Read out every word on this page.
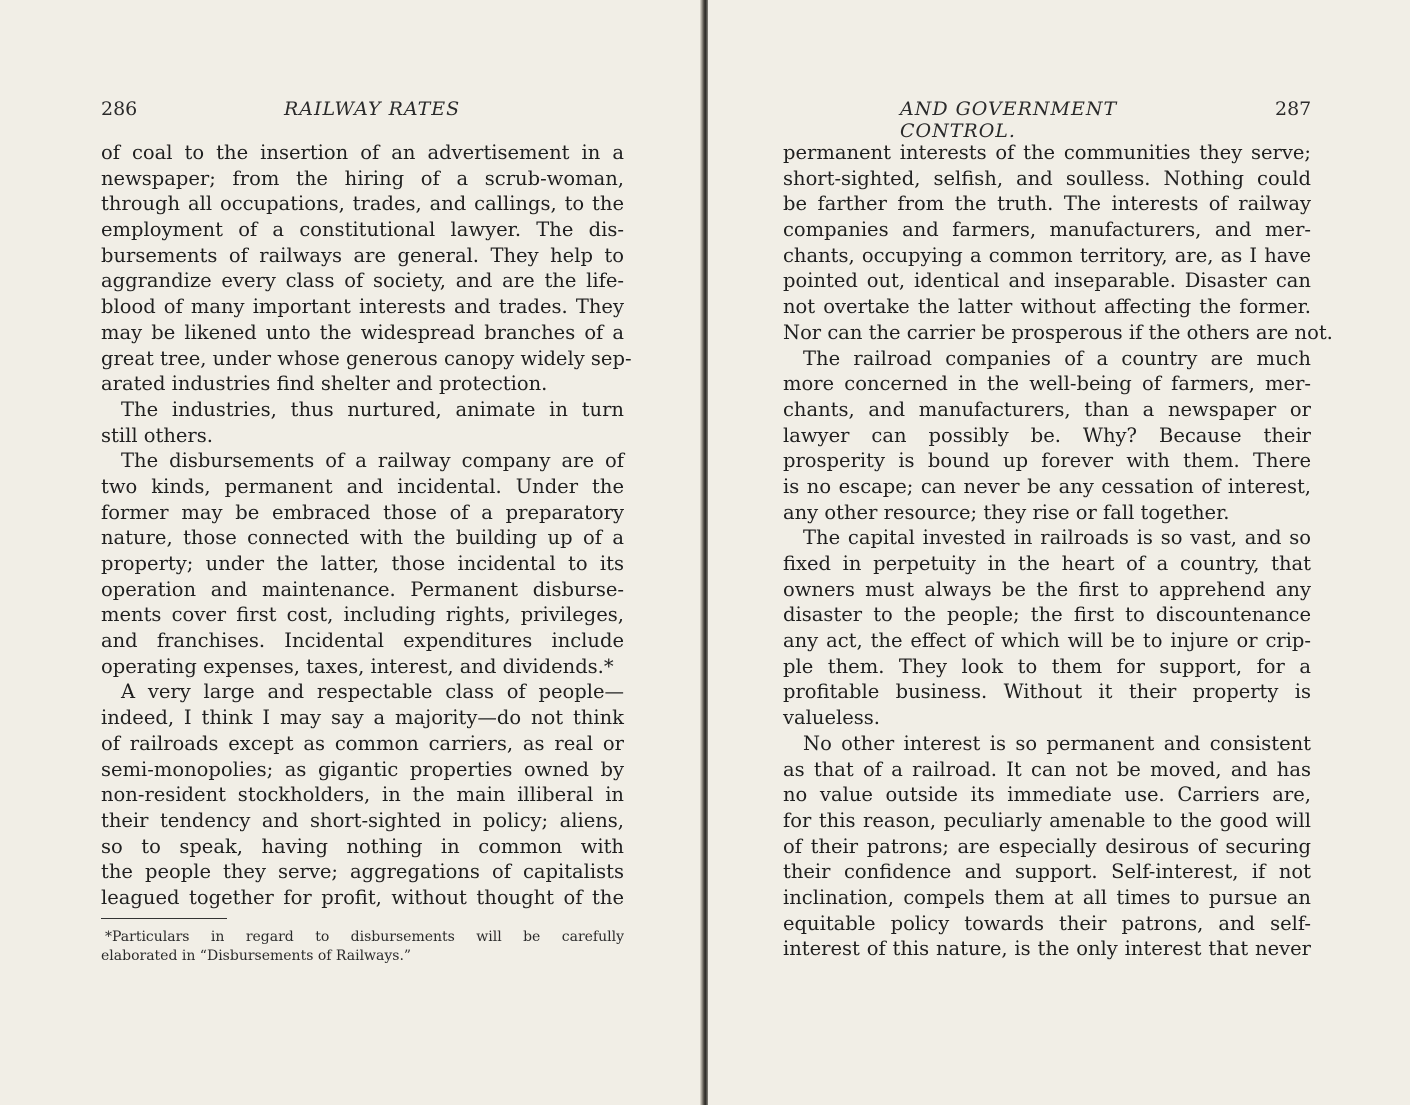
286	RAILWAY RATES
of coal to the insertion of an advertisement in a
newspaper; from the hiring of a scrub-woman,
through all occupations, trades, and callings, to the
employment of a constitutional lawyer. The dis-
bursements of railways are general. They help to
aggrandize every class of society, and are the life-
blood of many important interests and trades. They
may be likened unto the widespread branches of a
great tree, under whose generous canopy widely sep-
arated industries find shelter and protection.
The industries, thus nurtured, animate in turn
still others.
The disbursements of a railway company are of
two kinds, permanent and incidental. Under the
former may be embraced those of a preparatory
nature, those connected with the building up of a
property; under the latter, those incidental to its
operation and maintenance. Permanent disburse-
ments cover first cost, including rights, privileges,
and franchises. Incidental expenditures include
operating expenses, taxes, interest, and dividends.*
A very large and respectable class of people—
indeed, I think I may say a majority—do not think
of railroads except as common carriers, as real or
semi-monopolies; as gigantic properties owned by
non-resident stockholders, in the main illiberal in
their tendency and short-sighted in policy; aliens,
so to speak, having nothing in common with
the people they serve; aggregations of capitalists
leagued together for profit, without thought of the
*Particulars in regard to disbursements will be carefully
elaborated in “Disbursements of Railways.”
AND GOVERNMENT CONTROL.
287
permanent interests of the communities they serve;
short-sighted, selfish, and soulless. Nothing could
be farther from the truth. The interests of railway
companies and farmers, manufacturers, and mer-
chants, occupying a common territory, are, as I have
pointed out, identical and inseparable. Disaster can
not overtake the latter without affecting the former.
Nor can the carrier be prosperous if the others are not.
The railroad companies of a country are much
more concerned in the well-being of farmers, mer-
chants, and manufacturers, than a newspaper or
lawyer can possibly be. Why? Because their
prosperity is bound up forever with them. There
is no escape; can never be any cessation of interest,
any other resource; they rise or fall together.
The capital invested in railroads is so vast, and so
fixed in perpetuity in the heart of a country, that
owners must always be the first to apprehend any
disaster to the people; the first to discountenance
any act, the effect of which will be to injure or crip-
ple them. They look to them for support, for a
profitable business. Without it their property is
valueless.
No other interest is so permanent and consistent
as that of a railroad. It can not be moved, and has
no value outside its immediate use. Carriers are,
for this reason, peculiarly amenable to the good will
of their patrons; are especially desirous of securing
their confidence and support. Self-interest, if not
inclination, compels them at all times to pursue an
equitable policy towards their patrons, and self-
interest of this nature, is the only interest that never
